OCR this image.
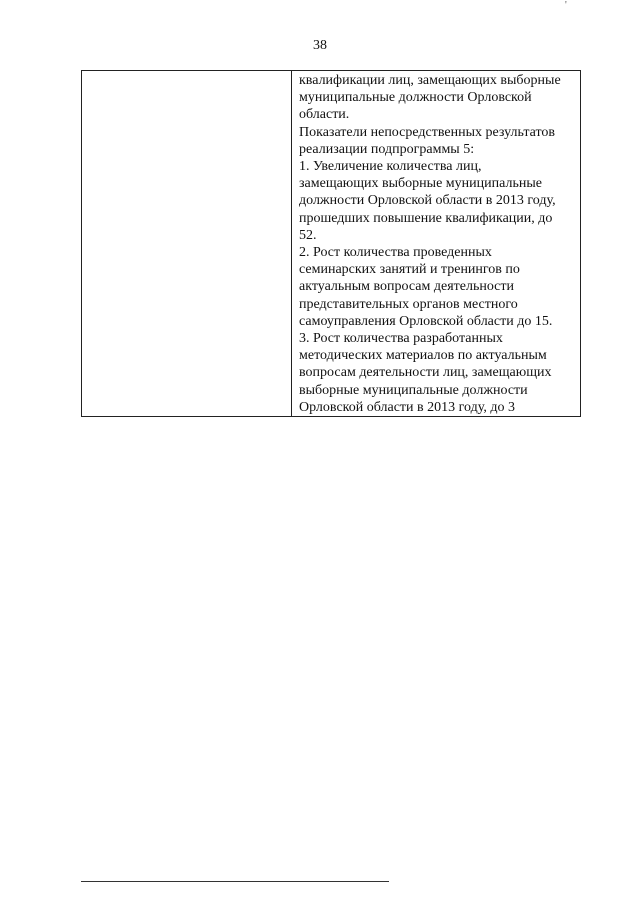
'
38

квалификации лиц, замещающих выборные
муниципальные должности Орловской
области.
Показатели непосредственных результатов
реализации подпрограммы 5:
1. Увеличение количества лиц,
замещающих выборные муниципальные
должности Орловской области в 2013 году,
прошедших повышение квалификации, до
52.
2. Рост количества проведенных
семинарских занятий и тренингов по
актуальным вопросам деятельности
представительных органов местного
самоуправления Орловской области до 15.
3. Рост количества разработанных
методических материалов по актуальным
вопросам деятельности лиц, замещающих
выборные муниципальные должности
Орловской области в 2013 году, до 3
